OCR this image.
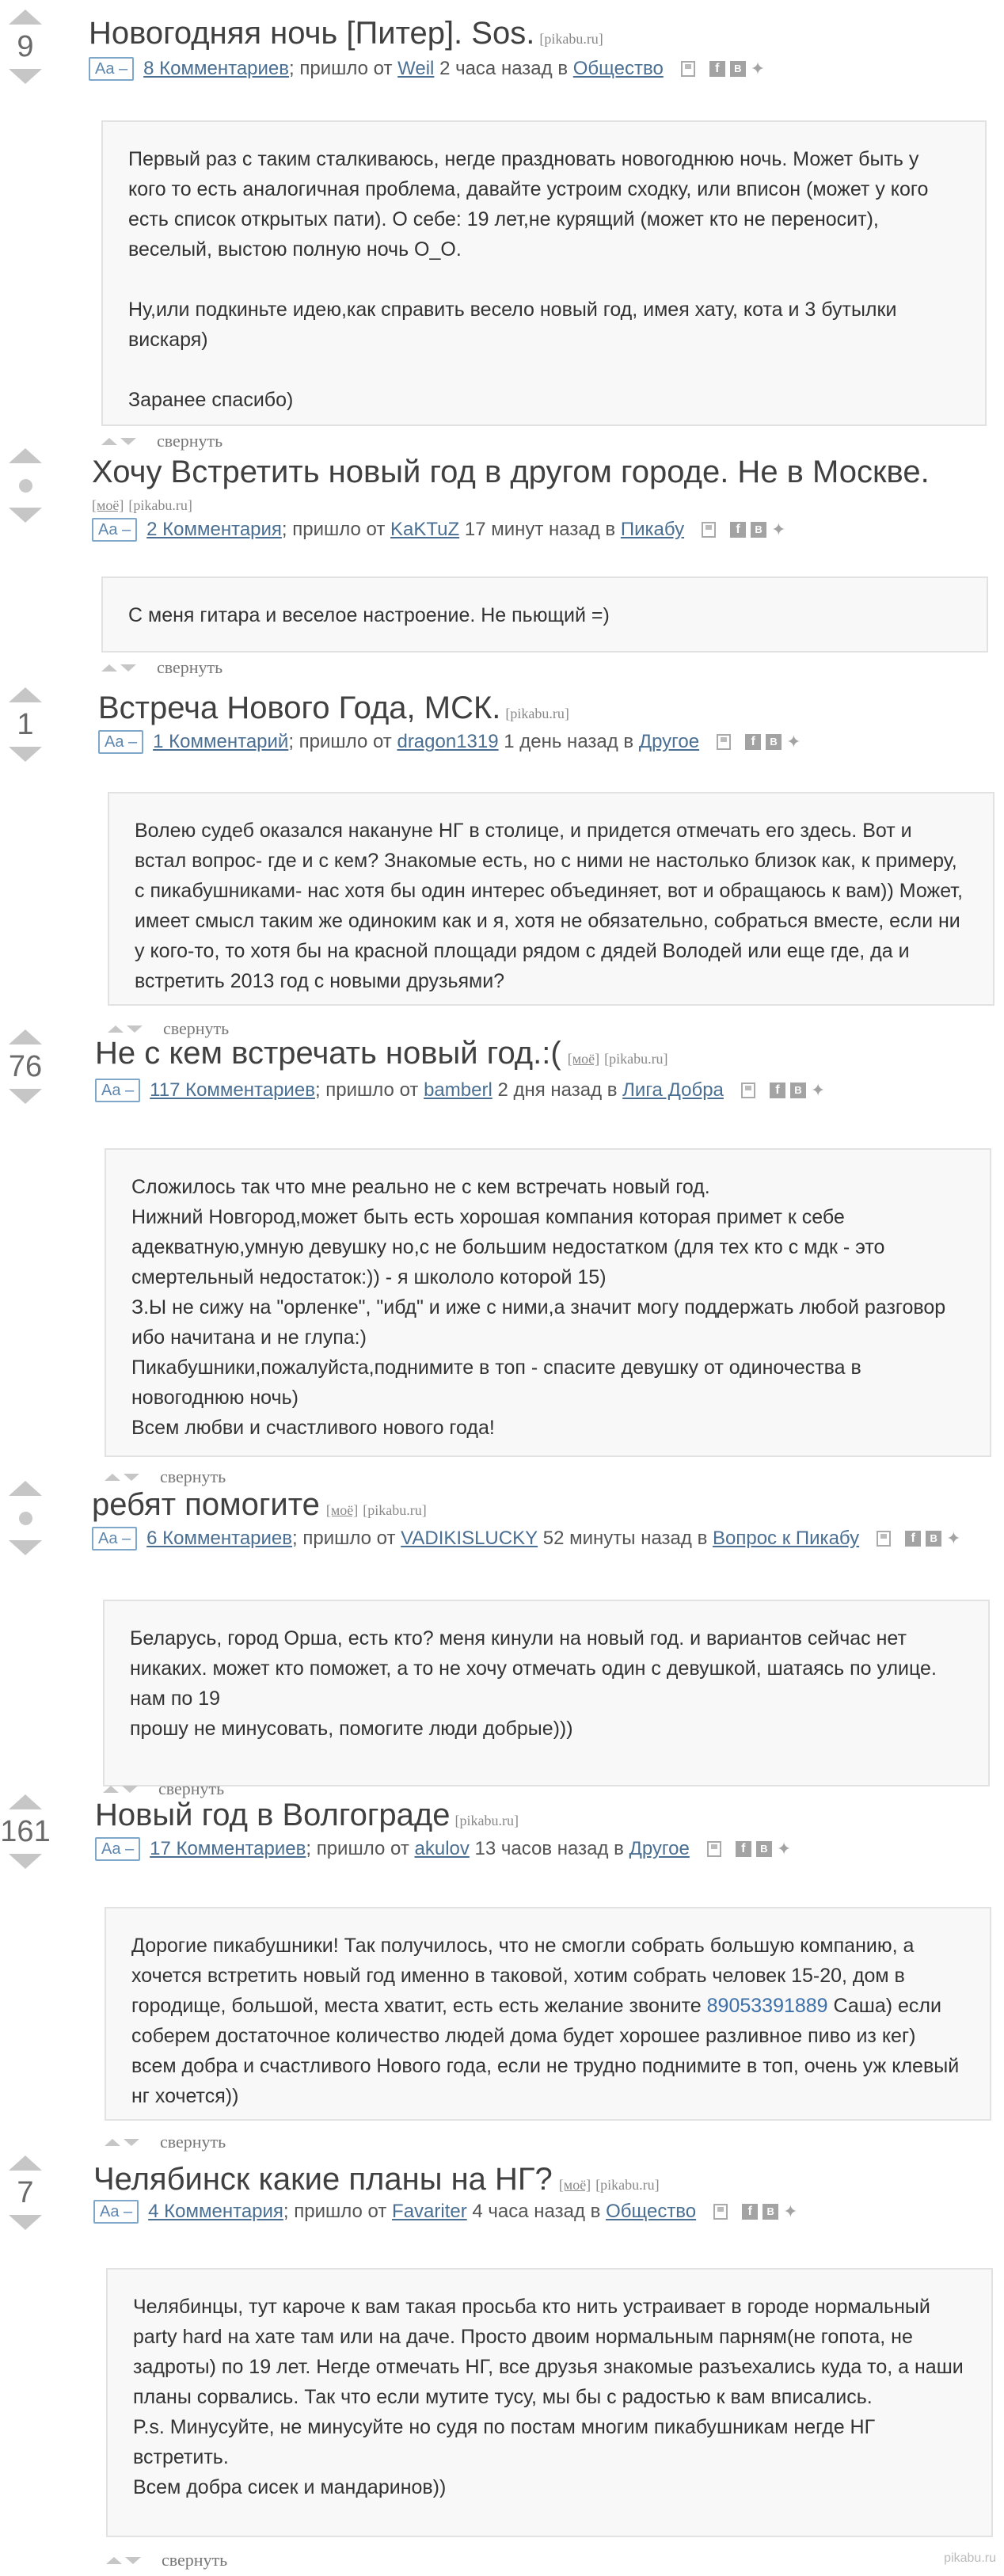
9	Новогодняя ночь [Питер]. Sos. [pikabu.ru]
Aa – 8 Комментариев ; пришло от
Weil
2 часа назад
в
Общество	f	B ✦

Первый раз с таким сталкиваюсь, негде праздновать новогоднюю ночь. Может быть у кого то есть аналогичная проблема, давайте устроим сходку, или вписон (может у кого есть список открытых пати). О себе: 19 лет,не курящий (может кто не переносит), веселый, выстою полную ночь О_О.

Ну,или подкиньте идею,как справить весело новый год, имея хату, кота и 3 бутылки вискаря)

Заранее спасибо)

свернуть
Хочу Встретить новый год в другом городе. Не в Москве.
[моё] [pikabu.ru]
Aa – 2 Комментария ; пришло от
KaKTuZ
17 минут назад
в
Пикабу	f	B ✦

С меня гитара и веселое настроение. Не пьющий =)

свернуть
1	Встреча Нового Года, МСК. [pikabu.ru]
Aa – 1 Комментарий ; пришло от
dragon1319
1 день назад
в
Другое	f	B ✦

Волею судеб оказался накануне НГ в столице, и придется отмечать его здесь. Вот и встал вопрос- где и с кем? Знакомые есть, но с ними не настолько близок как, к примеру, с пикабушниками- нас хотя бы один интерес объединяет, вот и обращаюсь к вам)) Может, имеет смысл таким же одиноким как и я, хотя не обязательно, собраться вместе, если ни у кого-то, то хотя бы на красной площади рядом с дядей Володей или еще где, да и встретить 2013 год с новыми друзьями?

свернуть
76 Не с кем встречать новый год.:( [моё] [pikabu.ru]
Aa – 117 Комментариев ; пришло от
bamberl
2 дня назад
в
Лига Добра	f	B ✦

Сложилось так что мне реально не с кем встречать новый год.

Нижний Новгород,может быть есть хорошая компания которая примет к себе адекватную,умную девушку но,с не большим недостатком (для тех кто с мдк - это смертельный недостаток:)) - я школоло которой 15)

З.Ы не сижу на "орленке", "ибд" и иже с ними,а значит могу поддержать любой разговор ибо начитана и не глупа:)

Пикабушники,пожалуйста,поднимите в топ - спасите девушку от одиночества в новогоднюю ночь)

Всем любви и счастливого нового года!

свернуть
ребят помогите [моё] [pikabu.ru]
Aa – 6 Комментариев ; пришло от
VADIKISLUCKY
52 минуты назад
в
Вопрос к Пикабу	f	B ✦

Беларусь, город Орша, есть кто? меня кинули на новый год. и вариантов сейчас нет никаких. может кто поможет, а то не хочу отмечать один с девушкой, шатаясь по улице. нам по 19

прошу не минусовать, помогите люди добрые)))

свернуть
161 Новый год в Волгограде [pikabu.ru]
Aa – 17 Комментариев ; пришло от
akulov
13 часов назад
в
Другое	f	B ✦

Дорогие пикабушники! Так получилось, что не смогли собрать большую компанию, а хочется встретить новый год именно в таковой, хотим собрать человек 15-20, дом в городище, большой, места хватит, есть есть желание звоните 89053391889 Саша) если соберем достаточное количество людей дома будет хорошее разливное пиво из кег) всем добра и счастливого Нового года, если не трудно поднимите в топ, очень уж клевый нг хочется))

свернуть
7	Челябинск какие планы на НГ? [моё] [pikabu.ru]
Aa – 4 Комментария ; пришло от
Favariter
4 часа назад
в
Общество	f	B ✦

Челябинцы, тут кароче к вам такая просьба кто нить устраивает в городе нормальный party hard на хате там или на даче. Просто двоим нормальным парням(не гопота, не задроты) по 19 лет. Негде отмечать НГ, все друзья знакомые разъехались куда то, а наши планы сорвались. Так что если мутите тусу, мы бы с радостью к вам вписались.

P.s. Минусуйте, не минусуйте но судя по постам многим пикабушникам негде НГ встретить.

Всем добра сисек и мандаринов))

свернуть	pikabu.ru
